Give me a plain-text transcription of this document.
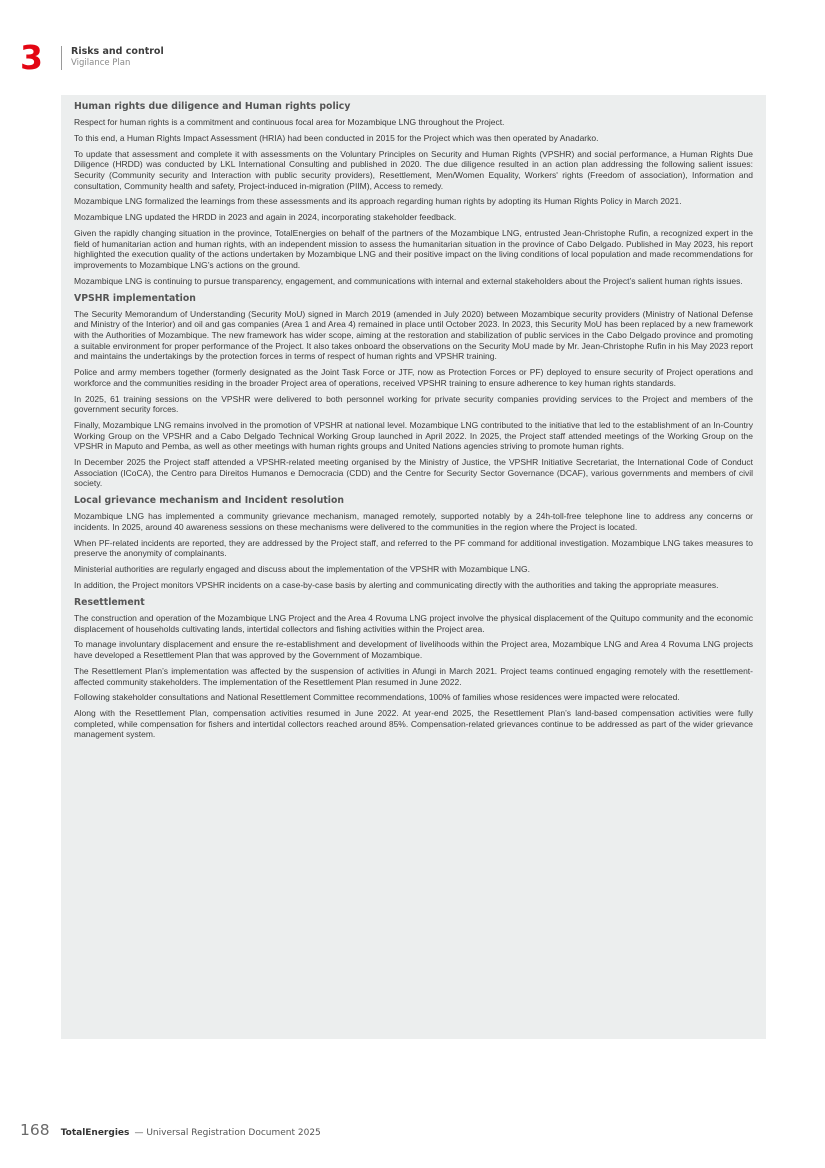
3	Risks and control
Vigilance Plan
Human rights due diligence and Human rights policy

Respect for human rights is a commitment and continuous focal area for Mozambique LNG throughout the Project.

To this end, a Human Rights Impact Assessment (HRIA) had been conducted in 2015 for the Project which was then operated by Anadarko.

To update that assessment and complete it with assessments on the Voluntary Principles on Security and Human Rights (VPSHR) and social performance, a Human Rights Due Diligence (HRDD) was conducted by LKL International Consulting and published in 2020. The due diligence resulted in an action plan addressing the following salient issues: Security (Community security and Interaction with public security providers), Resettlement, Men/Women Equality, Workers' rights (Freedom of association), Information and consultation, Community health and safety, Project-induced in-migration (PIIM), Access to remedy.

Mozambique LNG formalized the learnings from these assessments and its approach regarding human rights by adopting its Human Rights Policy in March 2021.

Mozambique LNG updated the HRDD in 2023 and again in 2024, incorporating stakeholder feedback.

Given the rapidly changing situation in the province, TotalEnergies on behalf of the partners of the Mozambique LNG, entrusted Jean-Christophe Rufin, a recognized expert in the field of humanitarian action and human rights, with an independent mission to assess the humanitarian situation in the province of Cabo Delgado. Published in May 2023, his report highlighted the execution quality of the actions undertaken by Mozambique LNG and their positive impact on the living conditions of local population and made recommendations for improvements to Mozambique LNG’s actions on the ground.

Mozambique LNG is continuing to pursue transparency, engagement, and communications with internal and external stakeholders about the Project’s salient human rights issues.

VPSHR implementation

The Security Memorandum of Understanding (Security MoU) signed in March 2019 (amended in July 2020) between Mozambique security providers (Ministry of National Defense and Ministry of the Interior) and oil and gas companies (Area 1 and Area 4) remained in place until October 2023. In 2023, this Security MoU has been replaced by a new framework with the Authorities of Mozambique. The new framework has wider scope, aiming at the restoration and stabilization of public services in the Cabo Delgado province and promoting a suitable environment for proper performance of the Project. It also takes onboard the observations on the Security MoU made by Mr. Jean-Christophe Rufin in his May 2023 report and maintains the undertakings by the protection forces in terms of respect of human rights and VPSHR training.

Police and army members together (formerly designated as the Joint Task Force or JTF, now as Protection Forces or PF) deployed to ensure security of Project operations and workforce and the communities residing in the broader Project area of operations, received VPSHR training to ensure adherence to key human rights standards.

In 2025, 61 training sessions on the VPSHR were delivered to both personnel working for private security companies providing services to the Project and members of the government security forces.

Finally, Mozambique LNG remains involved in the promotion of VPSHR at national level. Mozambique LNG contributed to the initiative that led to the establishment of an In-Country Working Group on the VPSHR and a Cabo Delgado Technical Working Group launched in April 2022. In 2025, the Project staff attended meetings of the Working Group on the VPSHR in Maputo and Pemba, as well as other meetings with human rights groups and United Nations agencies striving to promote human rights.

In December 2025 the Project staff attended a VPSHR-related meeting organised by the Ministry of Justice, the VPSHR Initiative Secretariat, the International Code of Conduct Association (ICoCA), the Centro para Direitos Humanos e Democracia (CDD) and the Centre for Security Sector Governance (DCAF), various governments and members of civil society.

Local grievance mechanism and Incident resolution

Mozambique LNG has implemented a community grievance mechanism, managed remotely, supported notably by a 24h-toll-free telephone line to address any concerns or incidents. In 2025, around 40 awareness sessions on these mechanisms were delivered to the communities in the region where the Project is located.

When PF-related incidents are reported, they are addressed by the Project staff, and referred to the PF command for additional investigation. Mozambique LNG takes measures to preserve the anonymity of complainants.

Ministerial authorities are regularly engaged and discuss about the implementation of the VPSHR with Mozambique LNG.

In addition, the Project monitors VPSHR incidents on a case-by-case basis by alerting and communicating directly with the authorities and taking the appropriate measures.

Resettlement

The construction and operation of the Mozambique LNG Project and the Area 4 Rovuma LNG project involve the physical displacement of the Quitupo community and the economic displacement of households cultivating lands, intertidal collectors and fishing activities within the Project area.

To manage involuntary displacement and ensure the re-establishment and development of livelihoods within the Project area, Mozambique LNG and Area 4 Rovuma LNG projects have developed a Resettlement Plan that was approved by the Government of Mozambique.

The Resettlement Plan’s implementation was affected by the suspension of activities in Afungi in March 2021. Project teams continued engaging remotely with the resettlement-affected community stakeholders. The implementation of the Resettlement Plan resumed in June 2022.

Following stakeholder consultations and National Resettlement Committee recommendations, 100% of families whose residences were impacted were relocated.

Along with the Resettlement Plan, compensation activities resumed in June 2022. At year-end 2025, the Resettlement Plan’s land-based compensation activities were fully completed, while compensation for fishers and intertidal collectors reached around 85%. Compensation-related grievances continue to be addressed as part of the wider grievance management system.

168 TotalEnergies — Universal Registration Document 2025
